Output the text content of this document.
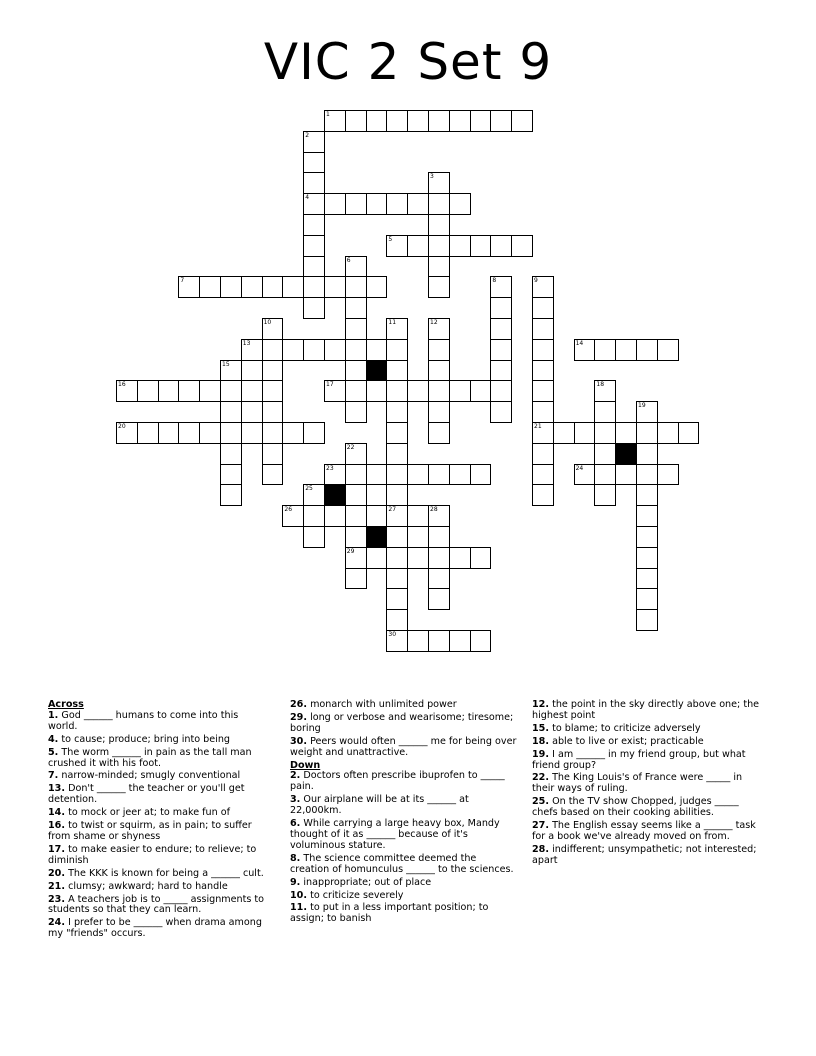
VIC 2 Set 9
1
2
4
3
5
6
7	8	9
21
10	11
27
12
13	14
15
16	17	18
19
20
22
29
23	24
25
26	28
30
Across
1. God ______ humans to come into this world.
4. to cause; produce; bring into being
5. The worm ______ in pain as the tall man crushed it with his foot.
7. narrow-minded; smugly conventional
13. Don't ______ the teacher or you'll get detention.
14. to mock or jeer at; to make fun of
16. to twist or squirm, as in pain; to suffer from shame or shyness
17. to make easier to endure; to relieve; to diminish
20. The KKK is known for being a ______ cult.
21. clumsy; awkward; hard to handle
23. A teachers job is to _____ assignments to students so that they can learn.
24. I prefer to be ______ when drama among my "friends" occurs.
26. monarch with unlimited power
29. long or verbose and wearisome; tiresome; boring
30. Peers would often ______ me for being over weight and unattractive.
Down
2. Doctors often prescribe ibuprofen to _____ pain.
3. Our airplane will be at its ______ at 22,000km.
6. While carrying a large heavy box, Mandy thought of it as ______ because of it's voluminous stature.
8. The science committee deemed the creation of homunculus ______ to the sciences.
9. inappropriate; out of place
10. to criticize severely
11. to put in a less important position; to assign; to banish
12. the point in the sky directly above one; the highest point
15. to blame; to criticize adversely
18. able to live or exist; practicable
19. I am ______ in my friend group, but what friend group?
22. The King Louis's of France were _____ in their ways of ruling.
25. On the TV show Chopped, judges _____ chefs based on their cooking abilities.
27. The English essay seems like a ______ task for a book we've already moved on from.
28. indifferent; unsympathetic; not interested; apart
